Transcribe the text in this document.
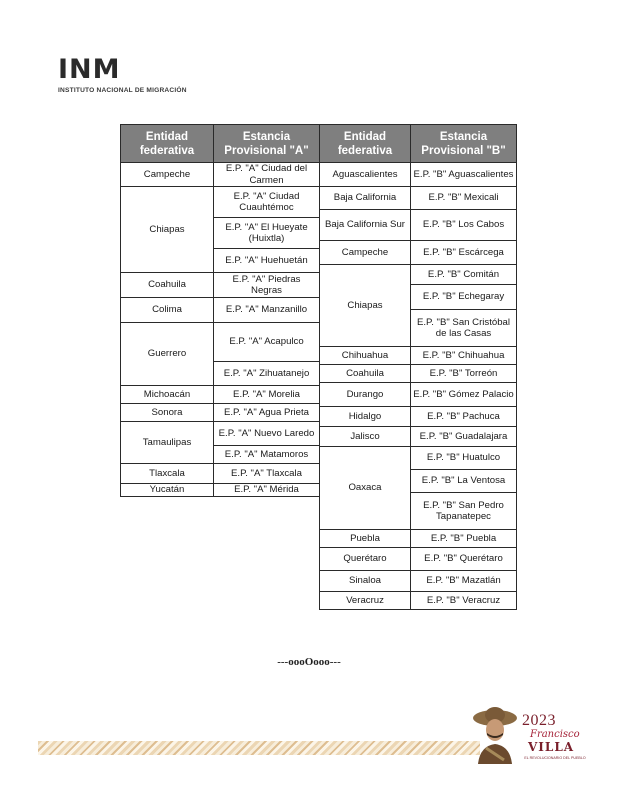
INM
INSTITUTO NACIONAL DE MIGRACIÓN
Entidad federativa	Estancia Provisional "A"
Campeche	E.P. "A" Ciudad del Carmen
Chiapas	E.P. "A" Ciudad Cuauhtémoc
	E.P. "A" El Hueyate (Huixtla)
	E.P. "A" Huehuetán
Coahuila	E.P. "A" Piedras Negras
Colima	E.P. "A" Manzanillo
Guerrero	E.P. "A" Acapulco
	E.P. "A" Zihuatanejo
Michoacán	E.P. "A" Morelia
Sonora	E.P. "A" Agua Prieta
Tamaulipas	E.P. "A" Nuevo Laredo
	E.P. "A" Matamoros
Tlaxcala	E.P. "A" Tlaxcala
Yucatán	E.P. "A" Mérida
Entidad federativa	Estancia Provisional "B"
Aguascalientes	E.P. "B" Aguascalientes
Baja California	E.P. "B" Mexicali
Baja California Sur	E.P. "B" Los Cabos
Campeche	E.P. "B" Escárcega
Chiapas	E.P. "B" Comitán
	E.P. "B" Echegaray
	E.P. "B" San Cristóbal de las Casas
Chihuahua	E.P. "B" Chihuahua
Coahuila	E.P. "B" Torreón
Durango	E.P. "B" Gómez Palacio
Hidalgo	E.P. "B" Pachuca
Jalisco	E.P. "B" Guadalajara
Oaxaca	E.P. "B" Huatulco
	E.P. "B" La Ventosa
	E.P. "B" San Pedro Tapanatepec
Puebla	E.P. "B" Puebla
Querétaro	E.P. "B" Querétaro
Sinaloa	E.P. "B" Mazatlán
Veracruz	E.P. "B" Veracruz
---oooOooo---
2023
Francisco
VILLA
EL REVOLUCIONARIO DEL PUEBLO
